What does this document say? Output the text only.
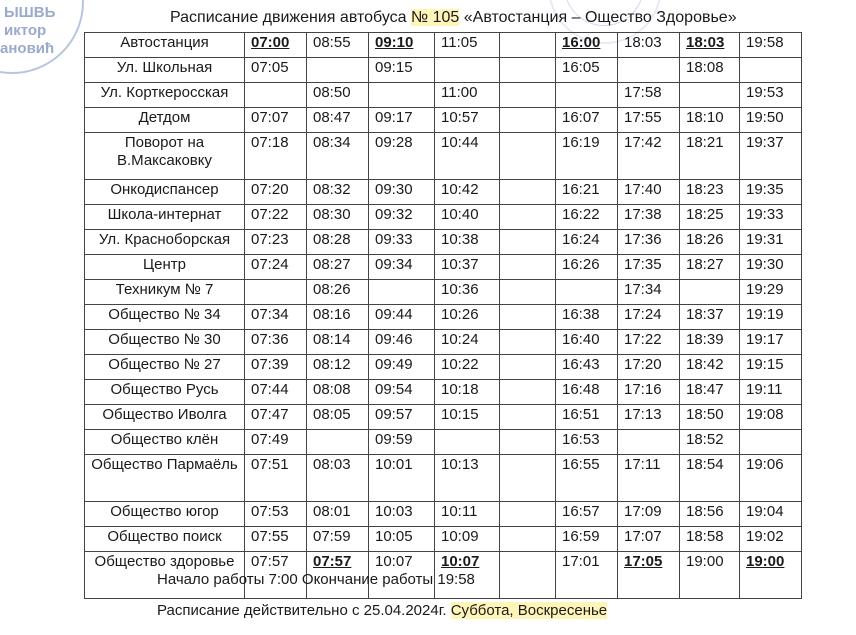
ЫШВЬ
иктор
ановић
Расписание движения автобуса № 105 «Автостанция – Ощество Здоровье»
Автостанция	07:00	08:55	09:10	11:05		16:00	18:03	18:03	19:58
Ул. Школьная	07:05		09:15			16:05		18:08	
Ул. Корткеросская		08:50		11:00			17:58		19:53
Детдом	07:07	08:47	09:17	10:57		16:07	17:55	18:10	19:50
Поворот на В.Максаковку	07:18	08:34	09:28	10:44		16:19	17:42	18:21	19:37
Онкодиспансер	07:20	08:32	09:30	10:42		16:21	17:40	18:23	19:35
Школа-интернат	07:22	08:30	09:32	10:40		16:22	17:38	18:25	19:33
Ул. Красноборская	07:23	08:28	09:33	10:38		16:24	17:36	18:26	19:31
Центр	07:24	08:27	09:34	10:37		16:26	17:35	18:27	19:30
Техникум № 7		08:26		10:36			17:34		19:29
Общество № 34	07:34	08:16	09:44	10:26		16:38	17:24	18:37	19:19
Общество № 30	07:36	08:14	09:46	10:24		16:40	17:22	18:39	19:17
Общество № 27	07:39	08:12	09:49	10:22		16:43	17:20	18:42	19:15
Общество Русь	07:44	08:08	09:54	10:18		16:48	17:16	18:47	19:11
Общество Иволга	07:47	08:05	09:57	10:15		16:51	17:13	18:50	19:08
Общество клён	07:49		09:59			16:53		18:52	
Общество Пармаёль	07:51	08:03	10:01	10:13		16:55	17:11	18:54	19:06
Общество югор	07:53	08:01	10:03	10:11		16:57	17:09	18:56	19:04
Общество поиск	07:55	07:59	10:05	10:09		16:59	17:07	18:58	19:02
Общество здоровье	07:57	07:57	10:07	10:07		17:01	17:05	19:00	19:00
Начало работы 7:00 Окончание работы 19:58
Расписание действительно с 25.04.2024г. Суббота, Воскресенье
